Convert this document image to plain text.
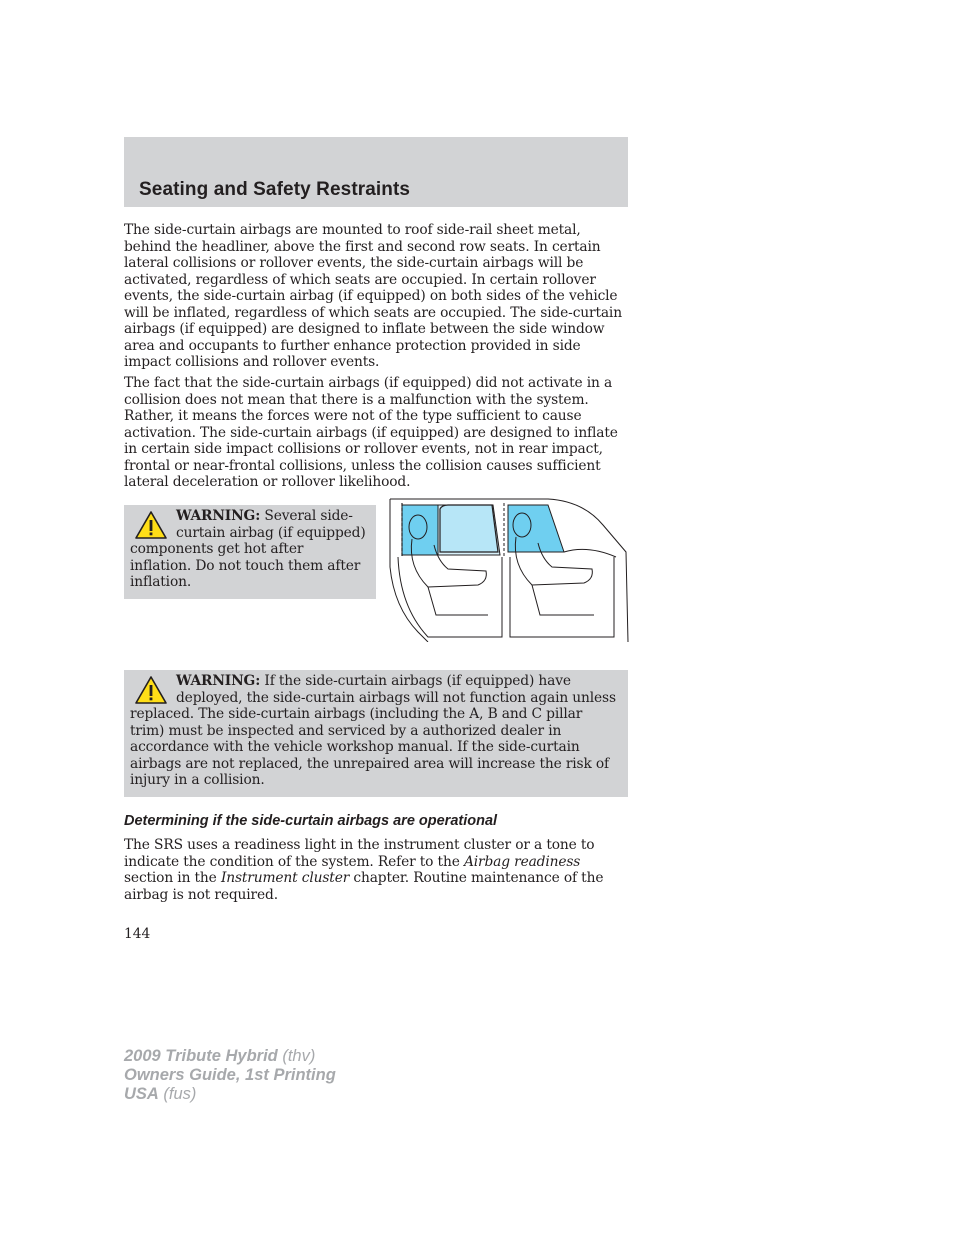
Seating and Safety Restraints

The side-curtain airbags are mounted to roof side-rail sheet metal, behind the headliner, above the first and second row seats. In certain lateral collisions or rollover events, the side-curtain airbags will be activated, regardless of which seats are occupied. In certain rollover events, the side-curtain airbag (if equipped) on both sides of the vehicle will be inflated, regardless of which seats are occupied. The side-curtain airbags (if equipped) are designed to inflate between the side window area and occupants to further enhance protection provided in side impact collisions and rollover events.

The fact that the side-curtain airbags (if equipped) did not activate in a collision does not mean that there is a malfunction with the system. Rather, it means the forces were not of the type sufficient to cause activation. The side-curtain airbags (if equipped) are designed to inflate in certain side impact collisions or rollover events, not in rear impact, frontal or near-frontal collisions, unless the collision causes sufficient lateral deceleration or rollover likelihood.

WARNING: Several side-curtain airbag (if equipped) components get hot after inflation. Do not touch them after inflation.

WARNING: If the side-curtain airbags (if equipped) have deployed, the side-curtain airbags will not function again unless replaced. The side-curtain airbags (including the A, B and C pillar trim) must be inspected and serviced by a authorized dealer in accordance with the vehicle workshop manual. If the side-curtain airbags are not replaced, the unrepaired area will increase the risk of injury in a collision.

Determining if the side-curtain airbags are operational

The SRS uses a readiness light in the instrument cluster or a tone to indicate the condition of the system. Refer to the Airbag readiness section in the Instrument cluster chapter. Routine maintenance of the airbag is not required.

144

2009 Tribute Hybrid (thv)
Owners Guide, 1st Printing
USA (fus)
